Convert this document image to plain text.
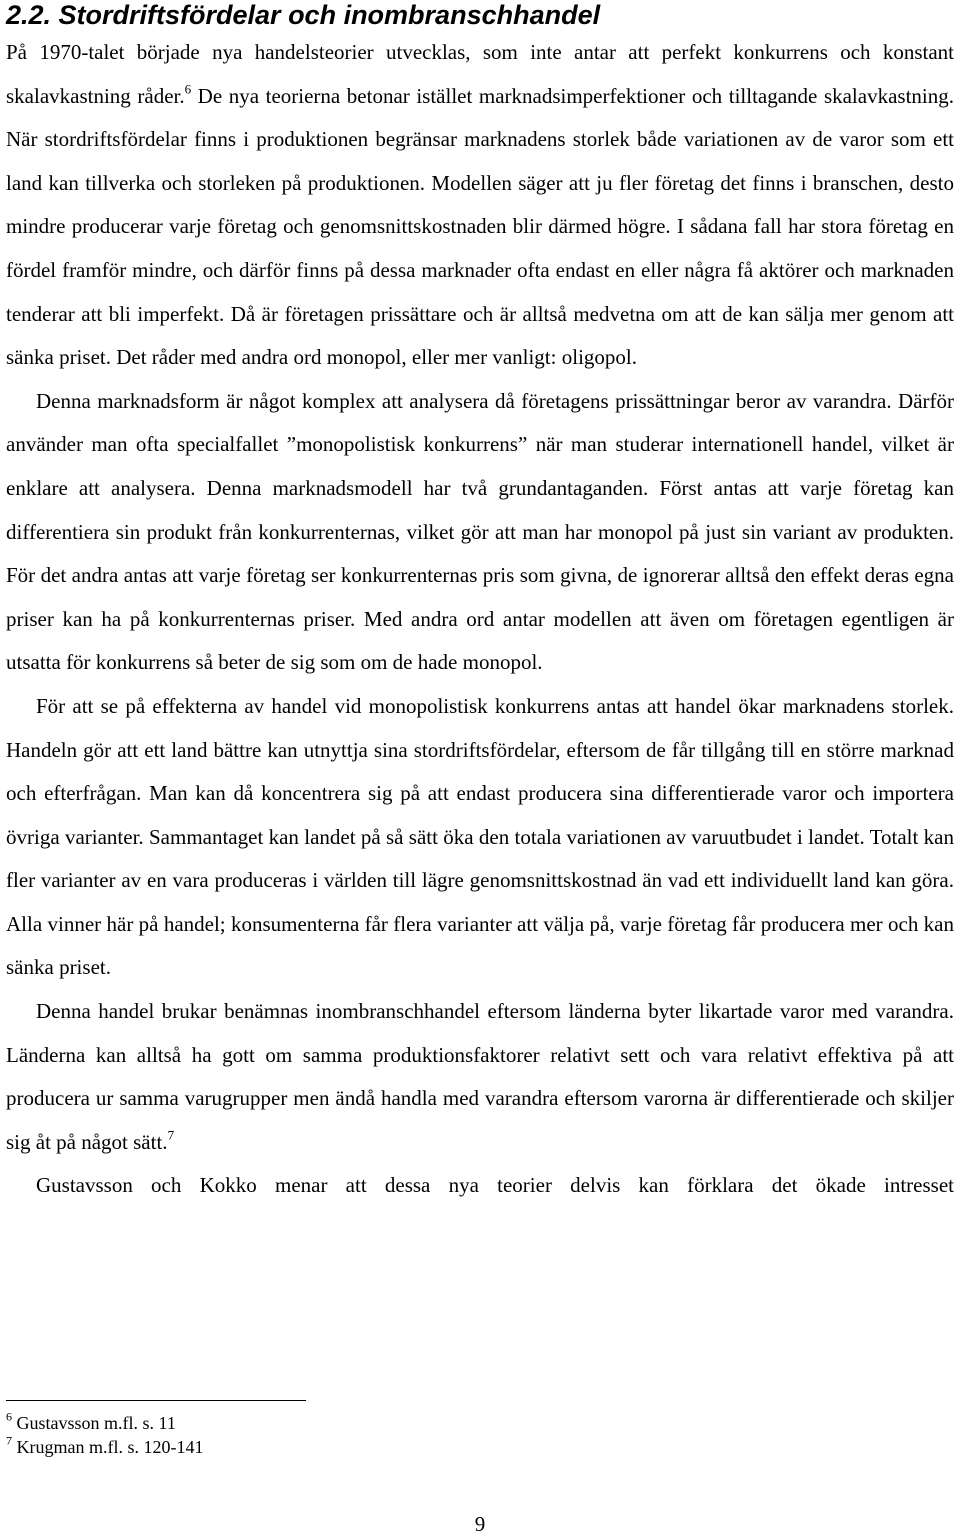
2.2. Stordriftsfördelar och inombranschhandel

På 1970-talet började nya handelsteorier utvecklas, som inte antar att perfekt konkurrens och konstant skalavkastning råder.$^6$ De nya teorierna betonar istället marknadsimperfektioner och tilltagande skalavkastning. När stordriftsfördelar finns i produktionen begränsar marknadens storlek både variationen av de varor som ett land kan tillverka och storleken på produktionen. Modellen säger att ju fler företag det finns i branschen, desto mindre producerar varje företag och genomsnittskostnaden blir därmed högre. I sådana fall har stora företag en fördel framför mindre, och därför finns på dessa marknader ofta endast en eller några få aktörer och marknaden tenderar att bli imperfekt. Då är företagen prissättare och är alltså medvetna om att de kan sälja mer genom att sänka priset. Det råder med andra ord monopol, eller mer vanligt: oligopol.

Denna marknadsform är något komplex att analysera då företagens prissättningar beror av varandra. Därför använder man ofta specialfallet ”monopolistisk konkurrens” när man studerar internationell handel, vilket är enklare att analysera. Denna marknadsmodell har två grundantaganden. Först antas att varje företag kan differentiera sin produkt från konkurrenternas, vilket gör att man har monopol på just sin variant av produkten. För det andra antas att varje företag ser konkurrenternas pris som givna, de ignorerar alltså den effekt deras egna priser kan ha på konkurrenternas priser. Med andra ord antar modellen att även om företagen egentligen är utsatta för konkurrens så beter de sig som om de hade monopol.

För att se på effekterna av handel vid monopolistisk konkurrens antas att handel ökar marknadens storlek. Handeln gör att ett land bättre kan utnyttja sina stordriftsfördelar, eftersom de får tillgång till en större marknad och efterfrågan. Man kan då koncentrera sig på att endast producera sina differentierade varor och importera övriga varianter. Sammantaget kan landet på så sätt öka den totala variationen av varuutbudet i landet. Totalt kan fler varianter av en vara produceras i världen till lägre genomsnittskostnad än vad ett individuellt land kan göra. Alla vinner här på handel; konsumenterna får flera varianter att välja på, varje företag får producera mer och kan sänka priset.

Denna handel brukar benämnas inombranschhandel eftersom länderna byter likartade varor med varandra. Länderna kan alltså ha gott om samma produktionsfaktorer relativt sett och vara relativt effektiva på att producera ur samma varugrupper men ändå handla med varandra eftersom varorna är differentierade och skiljer sig åt på något sätt.$^7$

Gustavsson och Kokko menar att dessa nya teorier delvis kan förklara det ökade intresset

$^6$ Gustavsson m.fl. s. 11

$^7$ Krugman m.fl. s. 120-141

9
